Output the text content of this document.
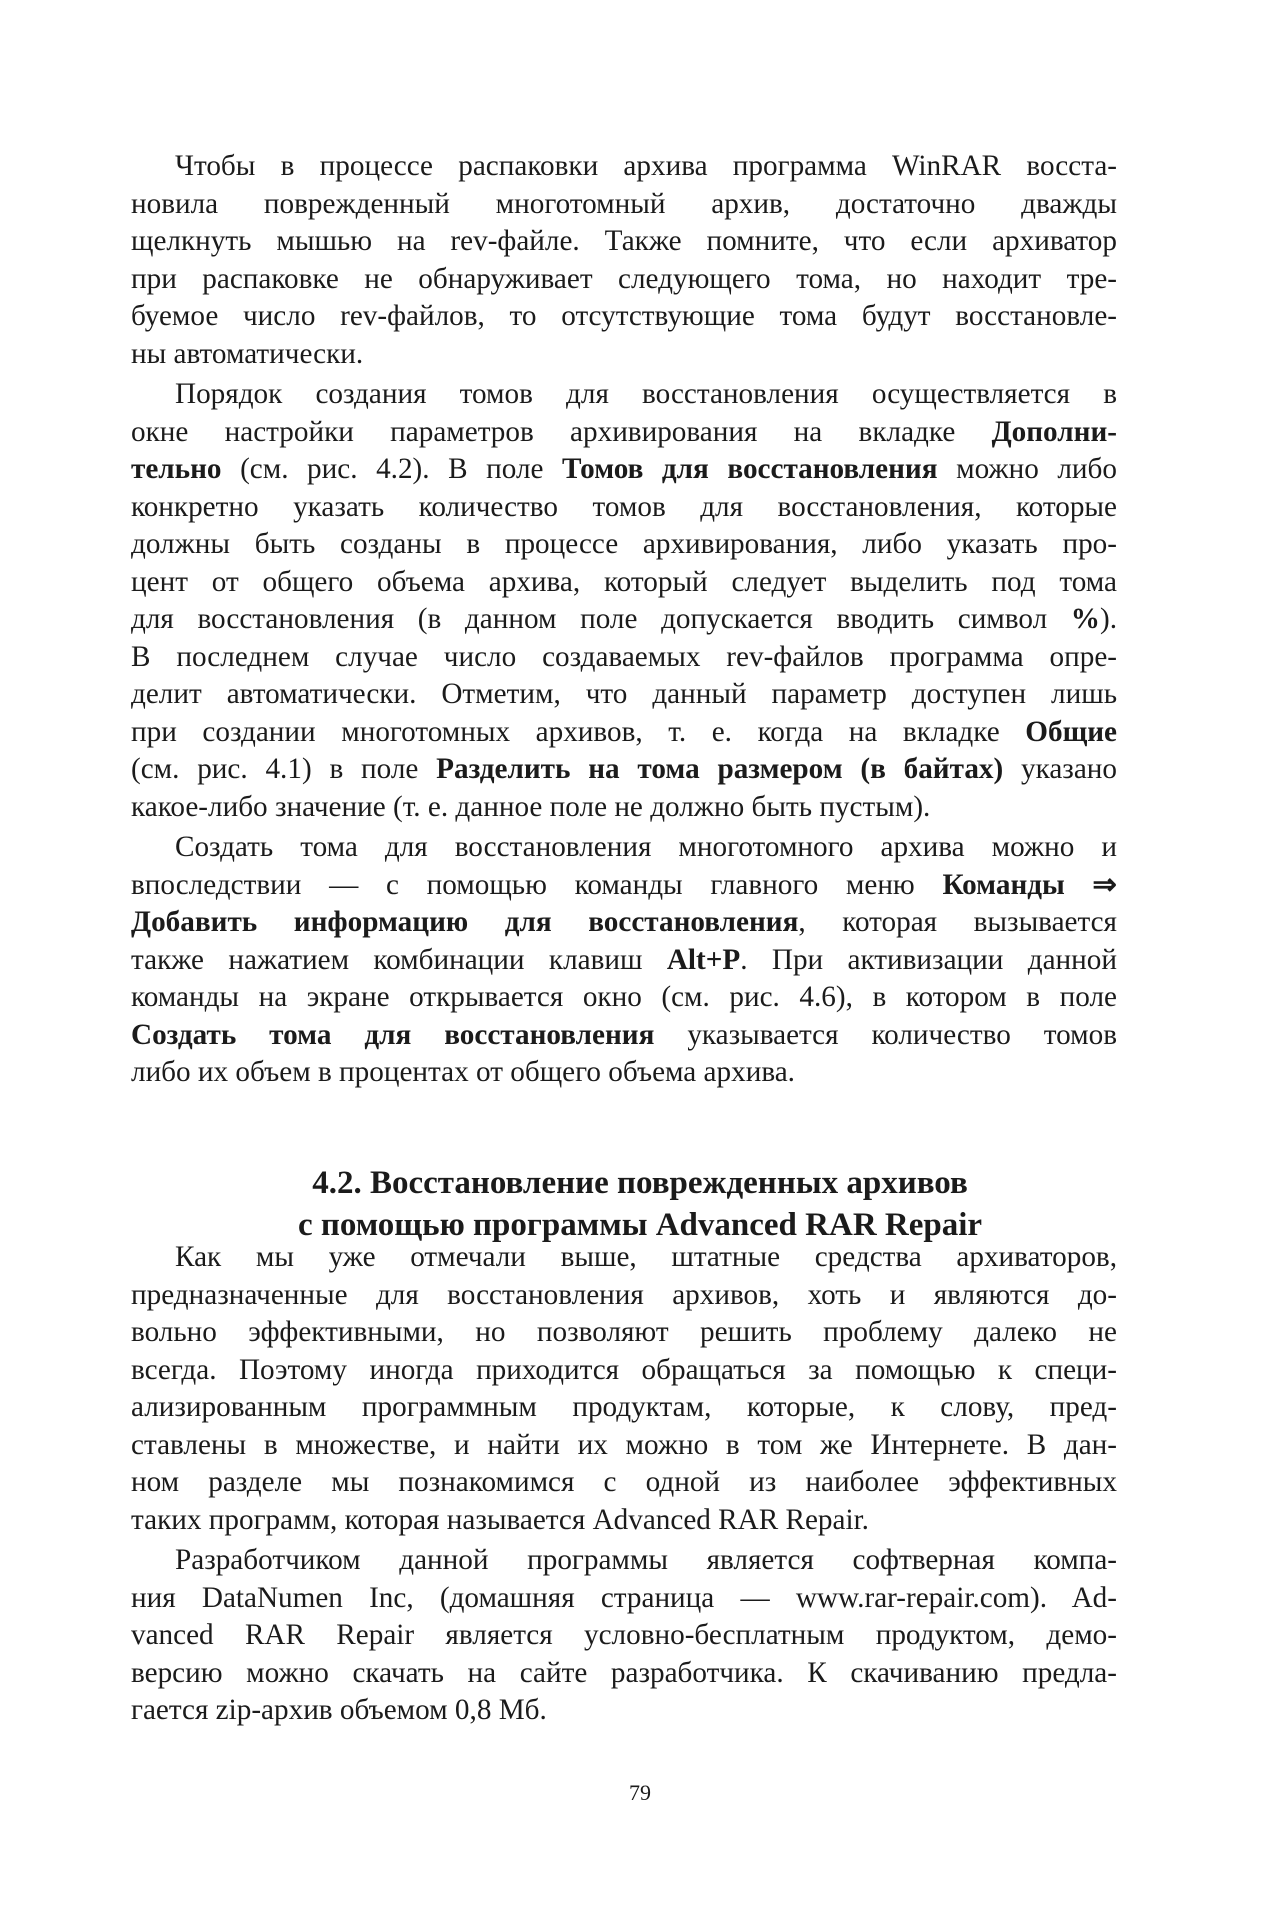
Чтобы в процессе распаковки архива программа WinRAR восста-
новила поврежденный многотомный архив, достаточно дважды
щелкнуть мышью на rev-файле. Также помните, что если архиватор
при распаковке не обнаруживает следующего тома, но находит тре-
буемое число rev-файлов, то отсутствующие тома будут восстановле-
ны автоматически.
Порядок создания томов для восстановления осуществляется в
окне настройки параметров архивирования на вкладке Дополни-
тельно (см. рис. 4.2). В поле Томов для восстановления можно либо
конкретно указать количество томов для восстановления, которые
должны быть созданы в процессе архивирования, либо указать про-
цент от общего объема архива, который следует выделить под тома
для восстановления (в данном поле допускается вводить символ %).
В последнем случае число создаваемых rev-файлов программа опре-
делит автоматически. Отметим, что данный параметр доступен лишь
при создании многотомных архивов, т. е. когда на вкладке Общие
(см. рис. 4.1) в поле Разделить на тома размером (в байтах) указано
какое-либо значение (т. е. данное поле не должно быть пустым).
Создать тома для восстановления многотомного архива можно и
впоследствии — с помощью команды главного меню Команды ⇒
Добавить информацию для восстановления, которая вызывается
также нажатием комбинации клавиш Alt+P. При активизации данной
команды на экране открывается окно (см. рис. 4.6), в котором в поле
Создать тома для восстановления указывается количество томов
либо их объем в процентах от общего объема архива.
4.2. Восстановление поврежденных архивов
с помощью программы Advanced RAR Repair
Как мы уже отмечали выше, штатные средства архиваторов,
предназначенные для восстановления архивов, хоть и являются до-
вольно эффективными, но позволяют решить проблему далеко не
всегда. Поэтому иногда приходится обращаться за помощью к специ-
ализированным программным продуктам, которые, к слову, пред-
ставлены в множестве, и найти их можно в том же Интернете. В дан-
ном разделе мы познакомимся с одной из наиболее эффективных
таких программ, которая называется Advanced RAR Repair.
Разработчиком данной программы является софтверная компа-
ния DataNumen Inc, (домашняя страница — www.rar-repair.com). Ad-
vanced RAR Repair является условно-бесплатным продуктом, демо-
версию можно скачать на сайте разработчика. К скачиванию предла-
гается zip-архив объемом 0,8 Мб.
79
